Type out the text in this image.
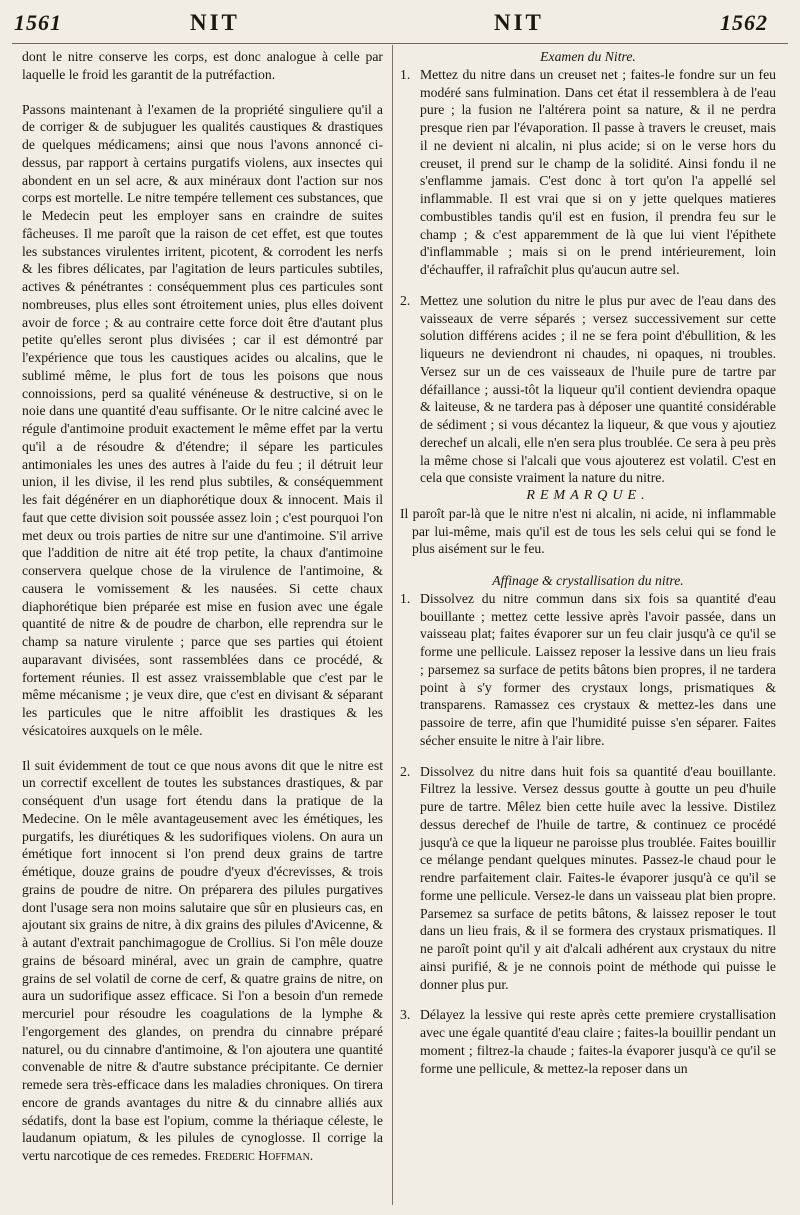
1561	NIT	NIT	1562

dont le nitre conserve les corps, est donc analogue à celle par laquelle le froid les garantit de la putréfaction.

Passons maintenant à l'examen de la propriété singuliere qu'il a de corriger & de subjuguer les qualités caustiques & drastiques de quelques médicamens; ainsi que nous l'avons annoncé ci-dessus, par rapport à certains purgatifs violens, aux insectes qui abondent en un sel acre, & aux minéraux dont l'action sur nos corps est mortelle. Le nitre tempére tellement ces substances, que le Medecin peut les employer sans en craindre de suites fâcheuses. Il me paroît que la raison de cet effet, est que toutes les substances virulentes irritent, picotent, & corrodent les nerfs & les fibres délicates, par l'agitation de leurs particules subtiles, actives & pénétrantes : conséquemment plus ces particules sont nombreuses, plus elles sont étroitement unies, plus elles doivent avoir de force ; & au contraire cette force doit être d'autant plus petite qu'elles seront plus divisées ; car il est démontré par l'expérience que tous les caustiques acides ou alcalins, que le sublimé même, le plus fort de tous les poisons que nous connoissions, perd sa qualité vénéneuse & destructive, si on le noie dans une quantité d'eau suffisante. Or le nitre calciné avec le régule d'antimoine produit exactement le même effet par la vertu qu'il a de résoudre & d'étendre; il sépare les particules antimoniales les unes des autres à l'aide du feu ; il détruit leur union, il les divise, il les rend plus subtiles, & conséquemment les fait dégénérer en un diaphorétique doux & innocent. Mais il faut que cette division soit poussée assez loin ; c'est pourquoi l'on met deux ou trois parties de nitre sur une d'antimoine. S'il arrive que l'addition de nitre ait été trop petite, la chaux d'antimoine conservera quelque chose de la virulence de l'antimoine, & causera le vomissement & les nausées. Si cette chaux diaphorétique bien préparée est mise en fusion avec une égale quantité de nitre & de poudre de charbon, elle reprendra sur le champ sa nature virulente ; parce que ses parties qui étoient auparavant divisées, sont rassemblées dans ce procédé, & fortement réunies. Il est assez vraissemblable que c'est par le même mécanisme ; je veux dire, que c'est en divisant & séparant les particules que le nitre affoiblit les drastiques & les vésicatoires auxquels on le mêle.

Il suit évidemment de tout ce que nous avons dit que le nitre est un correctif excellent de toutes les substances drastiques, & par conséquent d'un usage fort étendu dans la pratique de la Medecine. On le mêle avantageusement avec les émétiques, les purgatifs, les diurétiques & les sudorifiques violens. On aura un émétique fort innocent si l'on prend deux grains de tartre émétique, douze grains de poudre d'yeux d'écrevisses, & trois grains de poudre de nitre. On préparera des pilules purgatives dont l'usage sera non moins salutaire que sûr en plusieurs cas, en ajoutant six grains de nitre, à dix grains des pilules d'Avicenne, & à autant d'extrait panchimagogue de Crollius. Si l'on mêle douze grains de bésoard minéral, avec un grain de camphre, quatre grains de sel volatil de corne de cerf, & quatre grains de nitre, on aura un sudorifique assez efficace. Si l'on a besoin d'un remede mercuriel pour résoudre les coagulations de la lymphe & l'engorgement des glandes, on prendra du cinnabre préparé naturel, ou du cinnabre d'antimoine, & l'on ajoutera une quantité convenable de nitre & d'autre substance précipitante. Ce dernier remede sera très-efficace dans les maladies chroniques. On tirera encore de grands avantages du nitre & du cinnabre alliés aux sédatifs, dont la base est l'opium, comme la thériaque céleste, le laudanum opiatum, & les pilules de cynoglosse. Il corrige la vertu narcotique de ces remedes. Frederic Hoffman.

Examen du Nitre.

1. Mettez du nitre dans un creuset net ; faites-le fondre sur un feu modéré sans fulmination. Dans cet état il ressemblera à de l'eau pure ; la fusion ne l'altérera point sa nature, & il ne perdra presque rien par l'évaporation. Il passe à travers le creuset, mais il ne devient ni alcalin, ni plus acide; si on le verse hors du creuset, il prend sur le champ de la solidité. Ainsi fondu il ne s'enflamme jamais. C'est donc à tort qu'on l'a appellé sel inflammable. Il est vrai que si on y jette quelques matieres combustibles tandis qu'il est en fusion, il prendra feu sur le champ ; & c'est apparemment de là que lui vient l'épithete d'inflammable ; mais si on le prend intérieurement, loin d'échauffer, il rafraîchit plus qu'aucun autre sel.

2. Mettez une solution du nitre le plus pur avec de l'eau dans des vaisseaux de verre séparés ; versez successivement sur cette solution différens acides ; il ne se fera point d'ébullition, & les liqueurs ne deviendront ni chaudes, ni opaques, ni troubles. Versez sur un de ces vaisseaux de l'huile pure de tartre par défaillance ; aussi-tôt la liqueur qu'il contient deviendra opaque & laiteuse, & ne tardera pas à déposer une quantité considérable de sédiment ; si vous décantez la liqueur, & que vous y ajoutiez derechef un alcali, elle n'en sera plus troublée. Ce sera à peu près la même chose si l'alcali que vous ajouterez est volatil. C'est en cela que consiste vraiment la nature du nitre.

REMARQUE.

Il paroît par-là que le nitre n'est ni alcalin, ni acide, ni inflammable par lui-même, mais qu'il est de tous les sels celui qui se fond le plus aisément sur le feu.

Affinage & crystallisation du nitre.

1. Dissolvez du nitre commun dans six fois sa quantité d'eau bouillante ; mettez cette lessive après l'avoir passée, dans un vaisseau plat; faites évaporer sur un feu clair jusqu'à ce qu'il se forme une pellicule. Laissez reposer la lessive dans un lieu frais ; parsemez sa surface de petits bâtons bien propres, il ne tardera point à s'y former des crystaux longs, prismatiques & transparens. Ramassez ces crystaux & mettez-les dans une passoire de terre, afin que l'humidité puisse s'en séparer. Faites sécher ensuite le nitre à l'air libre.

2. Dissolvez du nitre dans huit fois sa quantité d'eau bouillante. Filtrez la lessive. Versez dessus goutte à goutte un peu d'huile pure de tartre. Mêlez bien cette huile avec la lessive. Distilez dessus derechef de l'huile de tartre, & continuez ce procédé jusqu'à ce que la liqueur ne paroisse plus troublée. Faites bouillir ce mélange pendant quelques minutes. Passez-le chaud pour le rendre parfaitement clair. Faites-le évaporer jusqu'à ce qu'il se forme une pellicule. Versez-le dans un vaisseau plat bien propre. Parsemez sa surface de petits bâtons, & laissez reposer le tout dans un lieu frais, & il se formera des crystaux prismatiques. Il ne paroît point qu'il y ait d'alcali adhérent aux crystaux du nitre ainsi purifié, & je ne connois point de méthode qui puisse le donner plus pur.

3. Délayez la lessive qui reste après cette premiere crystallisation avec une égale quantité d'eau claire ; faites-la bouillir pendant un moment ; filtrez-la chaude ; faites-la évaporer jusqu'à ce qu'il se forme une pellicule, & mettez-la reposer dans un
